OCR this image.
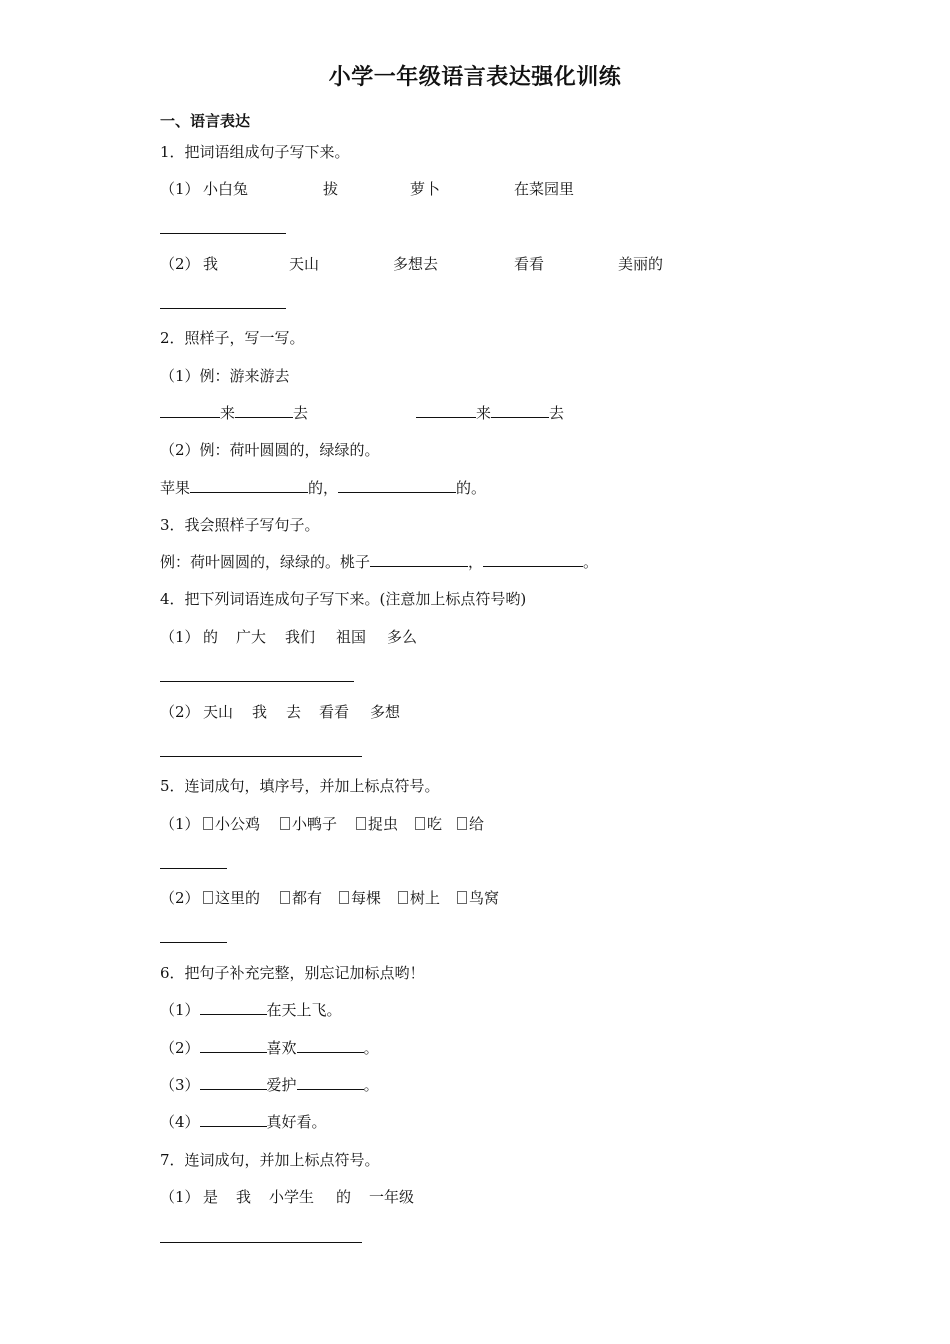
小学一年级语言表达强化训练
一、语言表达
1．把词语组成句子写下来。
（1） 小白兔	拔	萝卜	在菜园里
（2） 我	天山	多想去	看看	美丽的
2．照样子，写一写。
（1）例：游来游去
来	去	来	去
（2）例：荷叶圆圆的，绿绿的。
苹果	的，	的。
3．我会照样子写句子。
例：荷叶圆圆的，绿绿的。桃子	，	。
4．把下列词语连成句子写下来。(注意加上标点符号哟)
（1） 的 广大 我们 祖国 多么
（2） 天山 我 去 看看 多想
5．连词成句，填序号，并加上标点符号。
（1）	小公鸡	小鸭子	捉虫	吃	给
（2）	这里的	都有	每棵	树上	鸟窝
6．把句子补充完整，别忘记加标点哟！
（1）	在天上飞。
（2）	喜欢	。
（3）	爱护	。
（4）	真好看。
7．连词成句，并加上标点符号。
（1） 是 我 小学生 的 一年级
